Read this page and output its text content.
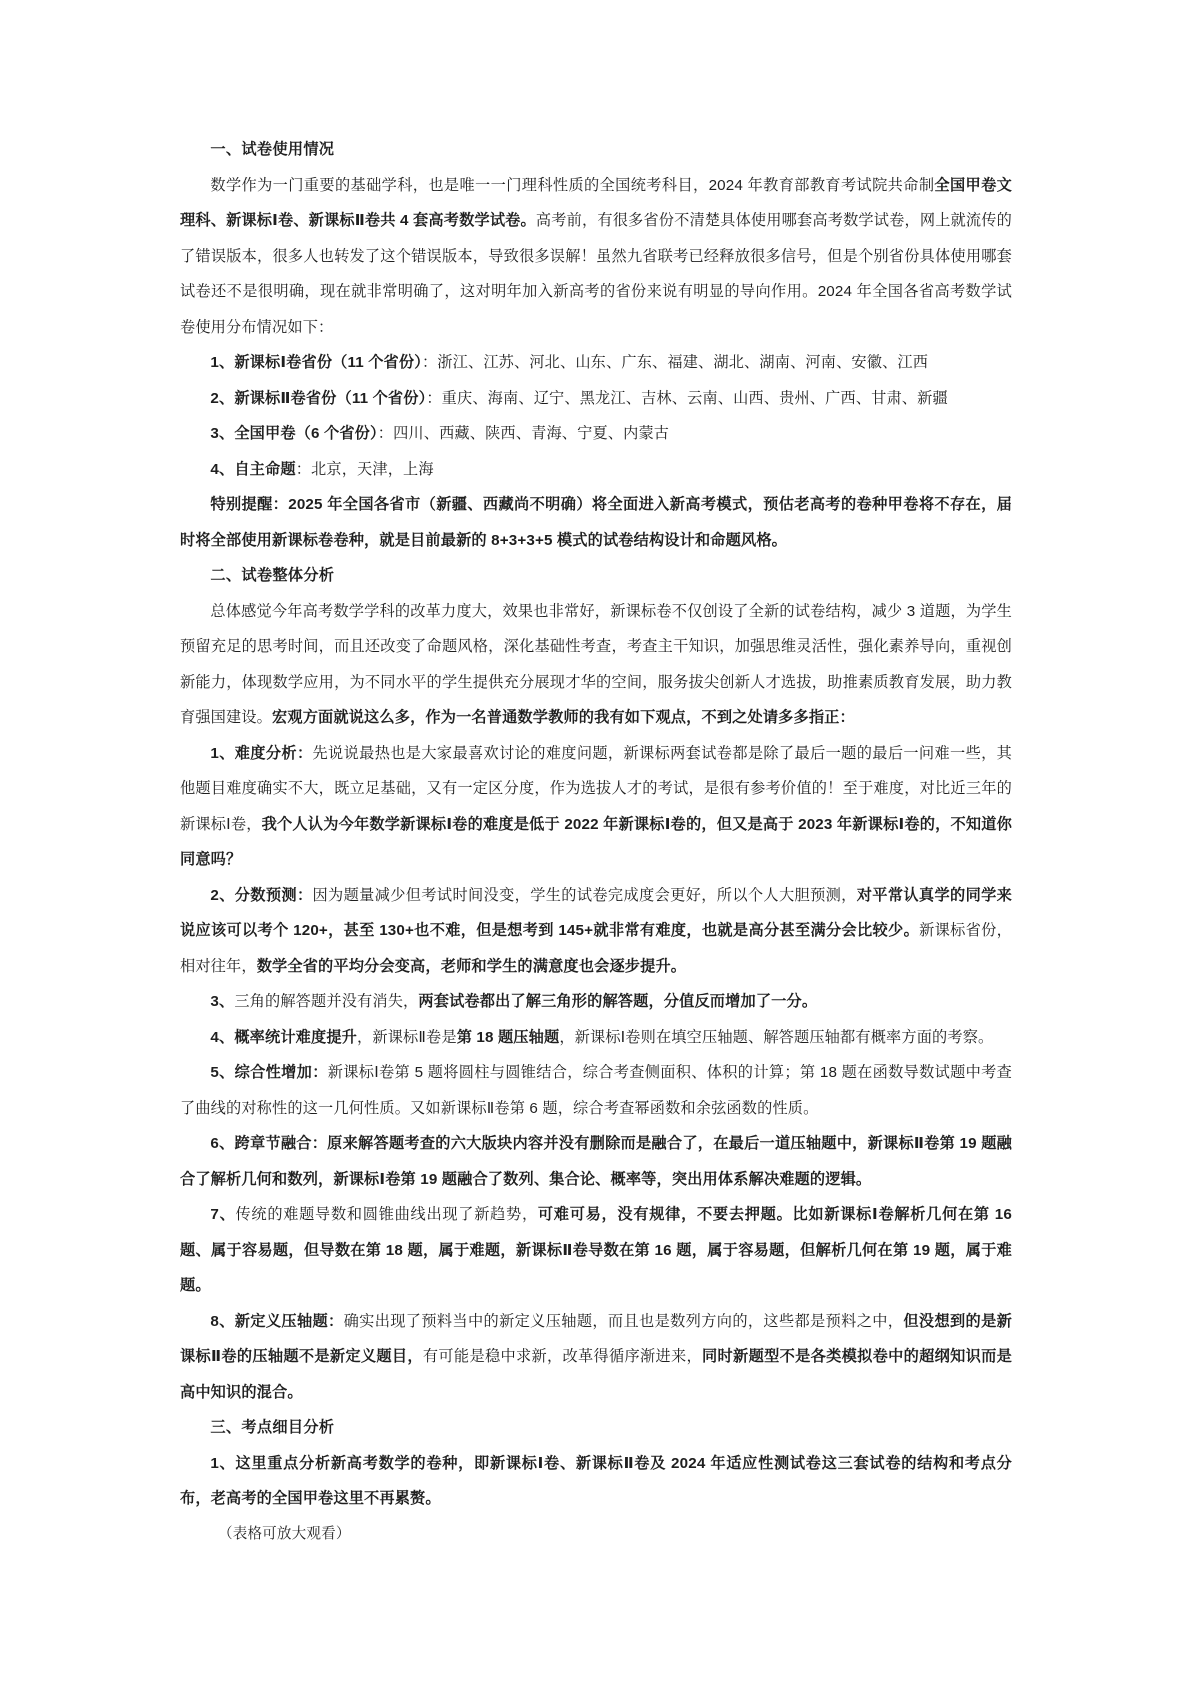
一、试卷使用情况

数学作为一门重要的基础学科，也是唯一一门理科性质的全国统考科目，2024 年教育部教育考试院共命制全国甲卷文理科、新课标Ⅰ卷、新课标Ⅱ卷共 4 套高考数学试卷。高考前，有很多省份不清楚具体使用哪套高考数学试卷，网上就流传的了错误版本，很多人也转发了这个错误版本，导致很多误解！虽然九省联考已经释放很多信号，但是个别省份具体使用哪套试卷还不是很明确，现在就非常明确了，这对明年加入新高考的省份来说有明显的导向作用。2024 年全国各省高考数学试卷使用分布情况如下：

1、新课标Ⅰ卷省份（11 个省份）：浙江、江苏、河北、山东、广东、福建、湖北、湖南、河南、安徽、江西

2、新课标Ⅱ卷省份（11 个省份）：重庆、海南、辽宁、黑龙江、吉林、云南、山西、贵州、广西、甘肃、新疆

3、全国甲卷（6 个省份）：四川、西藏、陕西、青海、宁夏、内蒙古

4、自主命题：北京，天津，上海

特别提醒：2025 年全国各省市（新疆、西藏尚不明确）将全面进入新高考模式，预估老高考的卷种甲卷将不存在，届时将全部使用新课标卷卷种，就是目前最新的 8+3+3+5 模式的试卷结构设计和命题风格。

二、试卷整体分析

总体感觉今年高考数学学科的改革力度大，效果也非常好，新课标卷不仅创设了全新的试卷结构，减少 3 道题，为学生预留充足的思考时间，而且还改变了命题风格，深化基础性考查，考查主干知识，加强思维灵活性，强化素养导向，重视创新能力，体现数学应用，为不同水平的学生提供充分展现才华的空间，服务拔尖创新人才选拔，助推素质教育发展，助力教育强国建设。宏观方面就说这么多，作为一名普通数学教师的我有如下观点，不到之处请多多指正：

1、难度分析：先说说最热也是大家最喜欢讨论的难度问题，新课标两套试卷都是除了最后一题的最后一问难一些，其他题目难度确实不大，既立足基础，又有一定区分度，作为选拔人才的考试，是很有参考价值的！至于难度，对比近三年的新课标Ⅰ卷，我个人认为今年数学新课标Ⅰ卷的难度是低于 2022 年新课标Ⅰ卷的，但又是高于 2023 年新课标Ⅰ卷的，不知道你同意吗？

2、分数预测：因为题量减少但考试时间没变，学生的试卷完成度会更好，所以个人大胆预测，对平常认真学的同学来说应该可以考个 120+，甚至 130+也不难，但是想考到 145+就非常有难度，也就是高分甚至满分会比较少。新课标省份，相对往年，数学全省的平均分会变高，老师和学生的满意度也会逐步提升。

3、三角的解答题并没有消失，两套试卷都出了解三角形的解答题，分值反而增加了一分。

4、概率统计难度提升，新课标Ⅱ卷是第 18 题压轴题，新课标Ⅰ卷则在填空压轴题、解答题压轴都有概率方面的考察。

5、综合性增加：新课标Ⅰ卷第 5 题将圆柱与圆锥结合，综合考查侧面积、体积的计算；第 18 题在函数导数试题中考查了曲线的对称性的这一几何性质。又如新课标Ⅱ卷第 6 题，综合考查幂函数和余弦函数的性质。

6、跨章节融合：原来解答题考查的六大版块内容并没有删除而是融合了，在最后一道压轴题中，新课标Ⅱ卷第 19 题融合了解析几何和数列，新课标Ⅰ卷第 19 题融合了数列、集合论、概率等，突出用体系解决难题的逻辑。

7、传统的难题导数和圆锥曲线出现了新趋势，可难可易，没有规律，不要去押题。比如新课标Ⅰ卷解析几何在第 16 题、属于容易题，但导数在第 18 题，属于难题，新课标Ⅱ卷导数在第 16 题，属于容易题，但解析几何在第 19 题，属于难题。

8、新定义压轴题：确实出现了预料当中的新定义压轴题，而且也是数列方向的，这些都是预料之中，但没想到的是新课标Ⅱ卷的压轴题不是新定义题目，有可能是稳中求新，改革得循序渐进来，同时新题型不是各类模拟卷中的超纲知识而是高中知识的混合。

三、考点细目分析

1、这里重点分析新高考数学的卷种，即新课标Ⅰ卷、新课标Ⅱ卷及 2024 年适应性测试卷这三套试卷的结构和考点分布，老高考的全国甲卷这里不再累赘。

（表格可放大观看）
